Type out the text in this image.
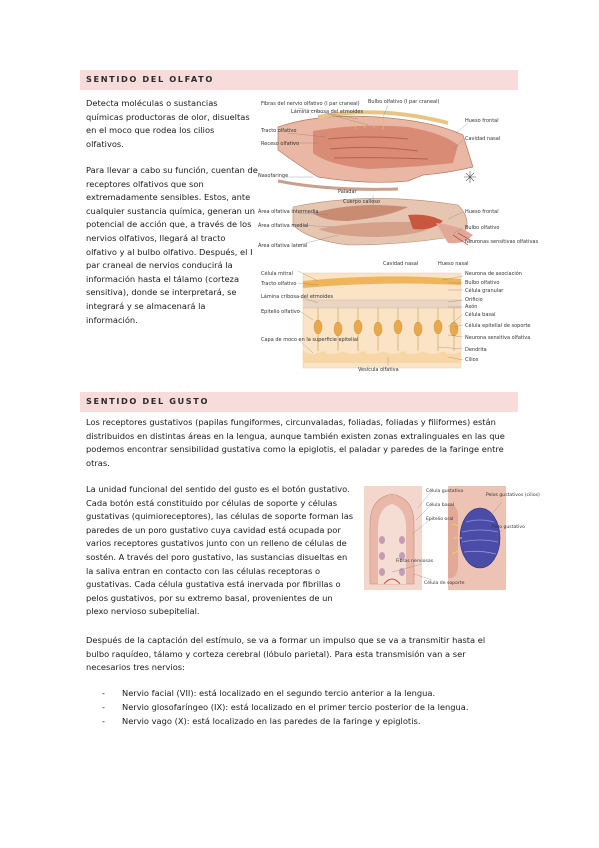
SENTIDO DEL OLFATO

Detecta moléculas o sustancias químicas productoras de olor, disueltas en el moco que rodea los cilios olfativos.

Para llevar a cabo su función, cuentan de receptores olfativos que son extremadamente sensibles. Estos, ante cualquier sustancia química, generan un potencial de acción que, a través de los nervios olfativos, llegará al tracto olfativo y al bulbo olfativo. Después, el I par craneal de nervios conducirá la información hasta el tálamo (corteza sensitiva), donde se interpretará, se integrará y se almacenará la información.

Fibras del nervio olfativo (I par craneal) Bulbo olfativo (I par craneal)
Lámina cribosa del etmoides
Tracto olfativo
Hueso frontal
Receso olfativo
Cavidad nasal
Nasofaringe
Paladar
Cuerpo calloso
Área olfativa intermedia
Área olfativa medial
Área olfativa lateral
Hueso frontal
Bulbo olfativo
Neuronas sensitivas olfativas
Cavidad nasal	Hueso nasal
Célula mitral
Tracto olfativo
Lámina cribosa del etmoides
Epitelio olfativo
Capa de moco en la superficie epitelial
Vesícula olfativa
Neurona de asociación
Bulbo olfativo
Célula granular
Orificio
Axón
Célula basal
Célula epitelial de soporte
Neurona sensitiva olfativa
Dendrita
Cilios
SENTIDO DEL GUSTO

Los receptores gustativos (papilas fungiformes, circunvaladas, foliadas, foliadas y filiformes) están distribuidos en distintas áreas en la lengua, aunque también existen zonas extralinguales en las que podemos encontrar sensibilidad gustativa como la epiglotis, el paladar y paredes de la faringe entre otras.

La unidad funcional del sentido del gusto es el botón gustativo. Cada botón está constituido por células de soporte y células gustativas (quimioreceptores), las células de soporte forman las paredes de un poro gustativo cuya cavidad está ocupada por varios receptores gustativos junto con un relleno de células de sostén. A través del poro gustativo, las sustancias disueltas en la saliva entran en contacto con las células receptoras o gustativas. Cada célula gustativa está inervada por fibrillas o pelos gustativos, por su extremo basal, provenientes de un plexo nervioso subepitelial.

Célula gustativa
Célula basal
Epitelio oral
Fibras nerviosas
Célula de soporte
Pelos gustativos (cilios)
Poro gustativo

Después de la captación del estímulo, se va a formar un impulso que se va a transmitir hasta el bulbo raquídeo, tálamo y corteza cerebral (lóbulo parietal). Para esta transmisión van a ser necesarios tres nervios:

- Nervio facial (VII): está localizado en el segundo tercio anterior a la lengua.
- Nervio glosofaríngeo (IX): está localizado en el primer tercio posterior de la lengua.
- Nervio vago (X): está localizado en las paredes de la faringe y epiglotis.
